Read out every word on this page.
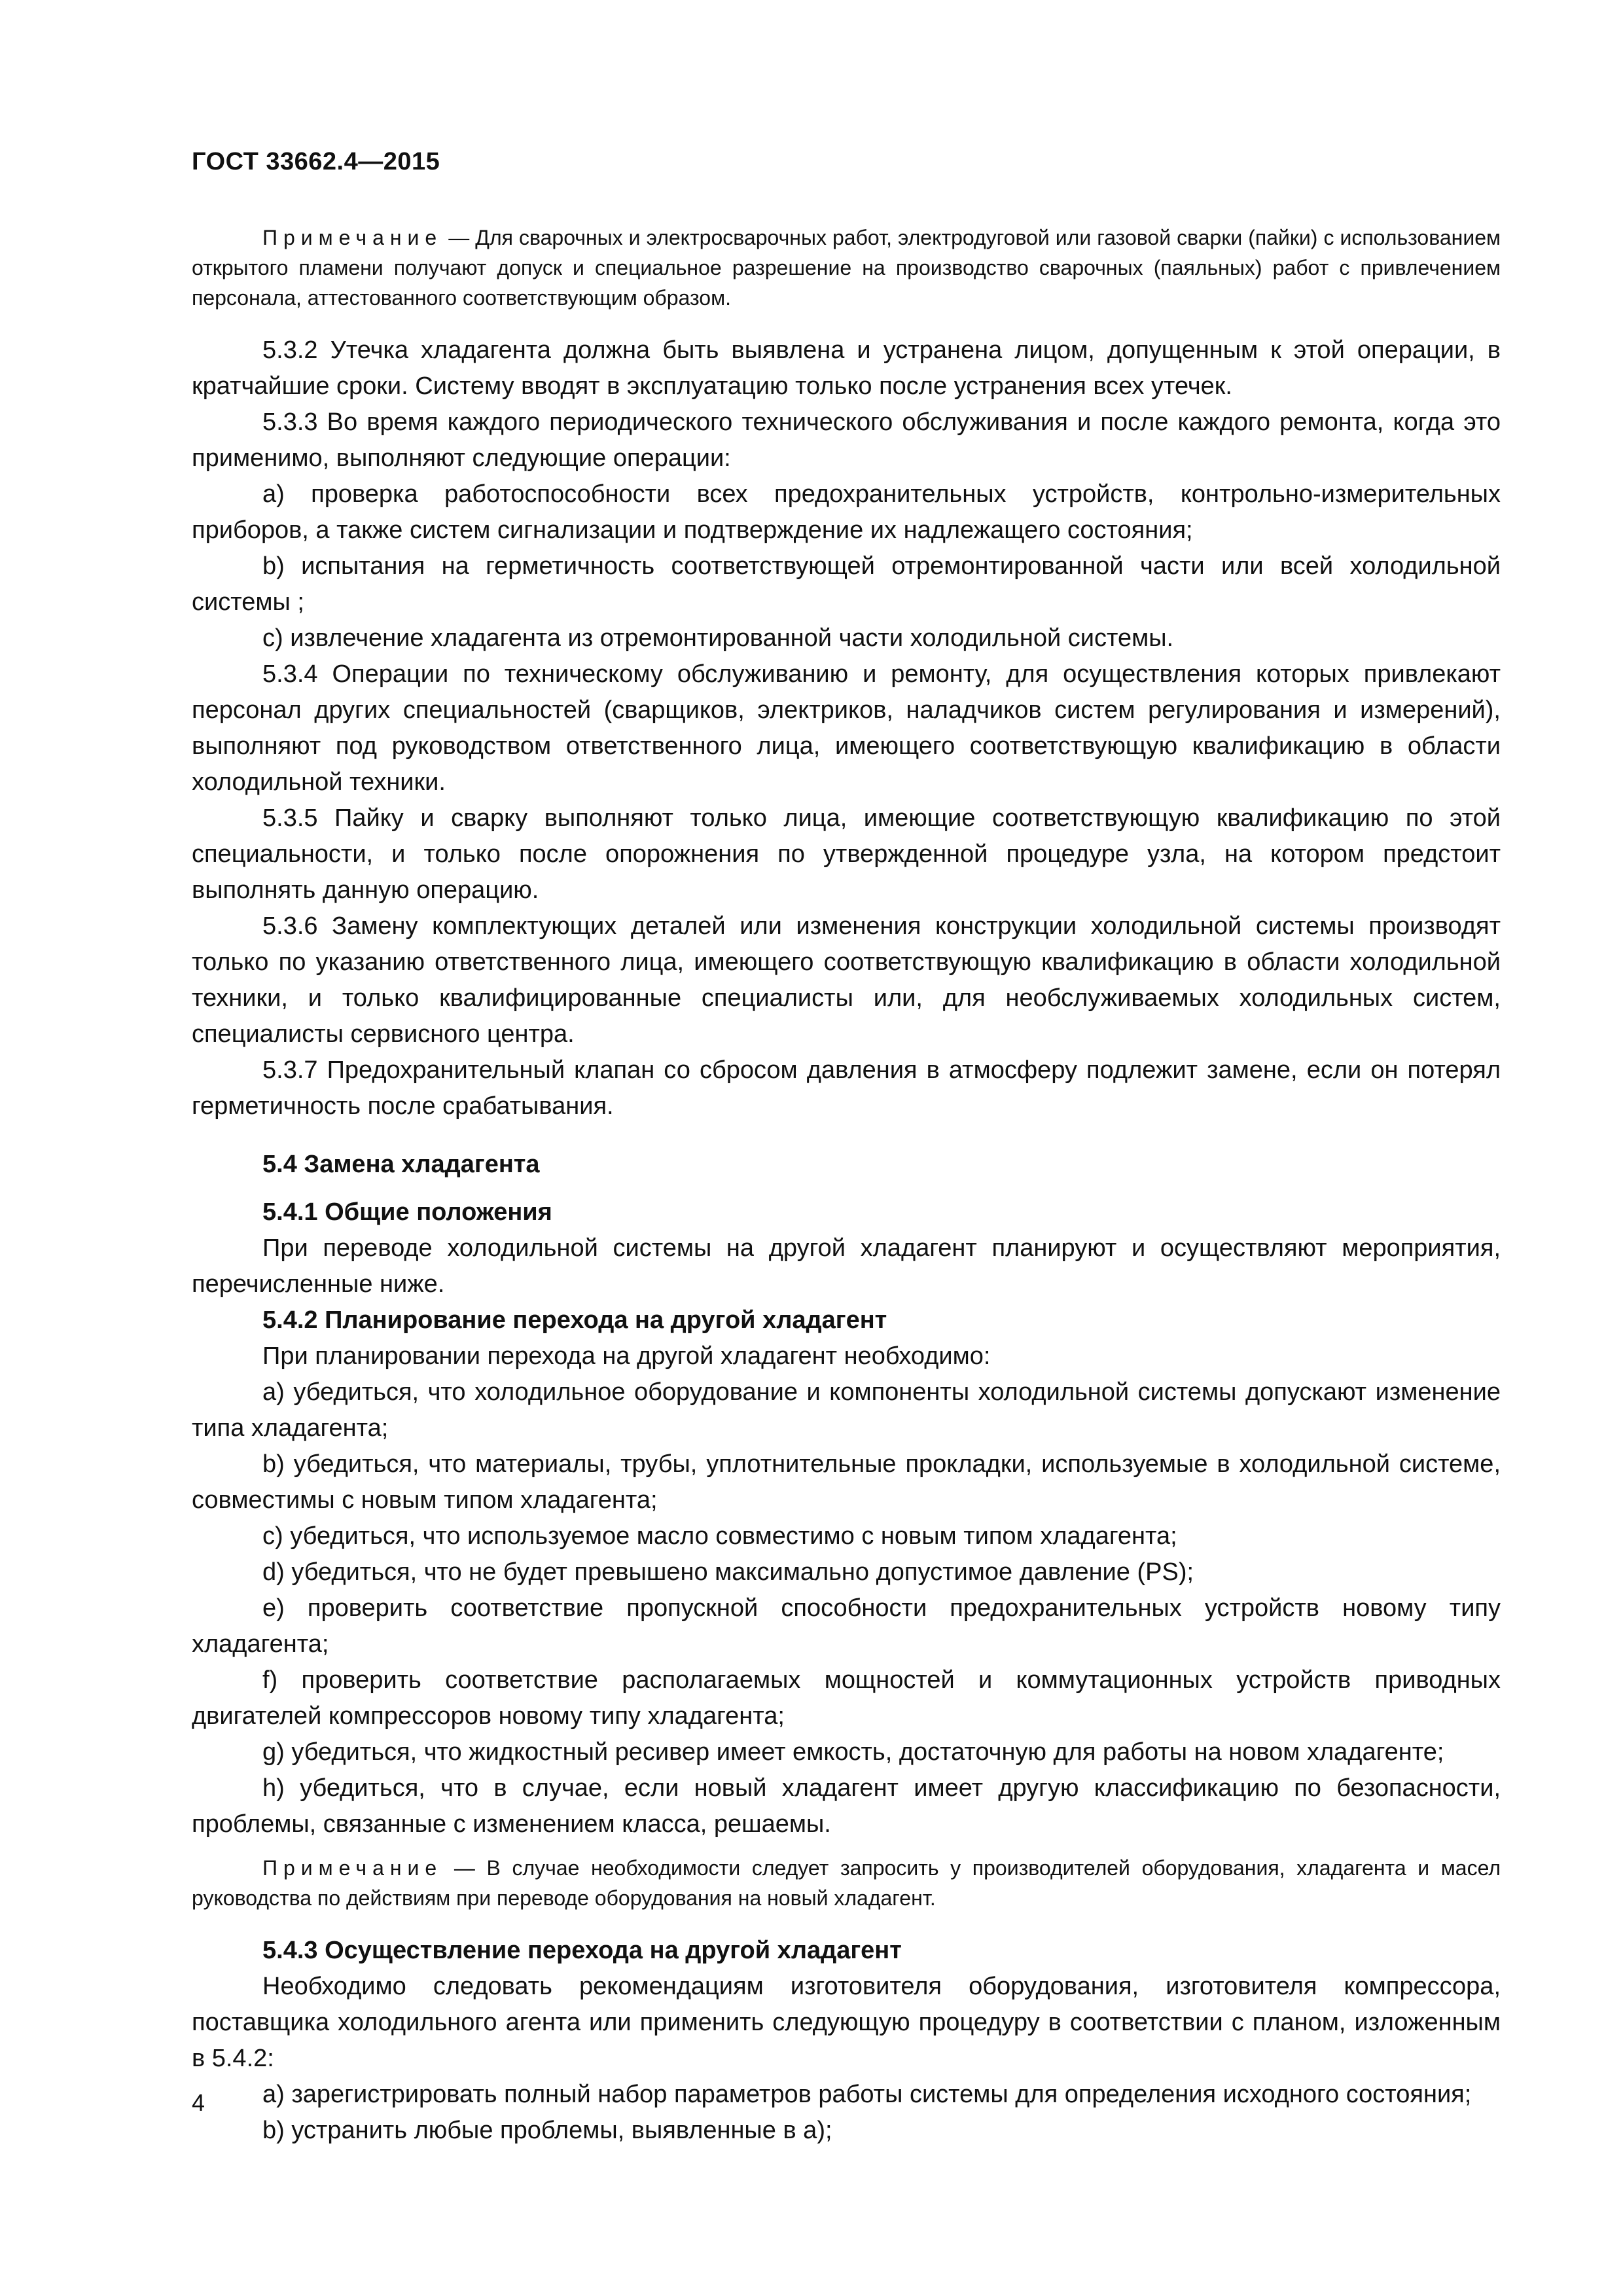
ГОСТ 33662.4—2015

Примечание — Для сварочных и электросварочных работ, электродуговой или газовой сварки (пайки) с использованием открытого пламени получают допуск и специальное разрешение на производство сварочных (паяльных) работ с привлечением персонала, аттестованного соответствующим образом.

5.3.2 Утечка хладагента должна быть выявлена и устранена лицом, допущенным к этой операции, в кратчайшие сроки. Систему вводят в эксплуатацию только после устранения всех утечек.

5.3.3 Во время каждого периодического технического обслуживания и после каждого ремонта, когда это применимо, выполняют следующие операции:

a) проверка работоспособности всех предохранительных устройств, контрольно-измерительных приборов, а также систем сигнализации и подтверждение их надлежащего состояния;

b) испытания на герметичность соответствующей отремонтированной части или всей холодильной системы ;

c) извлечение хладагента из отремонтированной части холодильной системы.

5.3.4 Операции по техническому обслуживанию и ремонту, для осуществления которых привлекают персонал других специальностей (сварщиков, электриков, наладчиков систем регулирования и измерений), выполняют под руководством ответственного лица, имеющего соответствующую квалификацию в области холодильной техники.

5.3.5 Пайку и сварку выполняют только лица, имеющие соответствующую квалификацию по этой специальности, и только после опорожнения по утвержденной процедуре узла, на котором предстоит выполнять данную операцию.

5.3.6 Замену комплектующих деталей или изменения конструкции холодильной системы производят только по указанию ответственного лица, имеющего соответствующую квалификацию в области холодильной техники, и только квалифицированные специалисты или, для необслуживаемых холодильных систем, специалисты сервисного центра.

5.3.7 Предохранительный клапан со сбросом давления в атмосферу подлежит замене, если он потерял герметичность после срабатывания.

5.4 Замена хладагента

5.4.1 Общие положения

При переводе холодильной системы на другой хладагент планируют и осуществляют мероприятия, перечисленные ниже.

5.4.2 Планирование перехода на другой хладагент

При планировании перехода на другой хладагент необходимо:

a) убедиться, что холодильное оборудование и компоненты холодильной системы допускают изменение типа хладагента;

b) убедиться, что материалы, трубы, уплотнительные прокладки, используемые в холодильной системе, совместимы с новым типом хладагента;

c) убедиться, что используемое масло совместимо с новым типом хладагента;

d) убедиться, что не будет превышено максимально допустимое давление (PS);

e) проверить соответствие пропускной способности предохранительных устройств новому типу хладагента;

f) проверить соответствие располагаемых мощностей и коммутационных устройств приводных двигателей компрессоров новому типу хладагента;

g) убедиться, что жидкостный ресивер имеет емкость, достаточную для работы на новом хладагенте;

h) убедиться, что в случае, если новый хладагент имеет другую классификацию по безопасности, проблемы, связанные с изменением класса, решаемы.

Примечание — В случае необходимости следует запросить у производителей оборудования, хладагента и масел руководства по действиям при переводе оборудования на новый хладагент.

5.4.3 Осуществление перехода на другой хладагент

Необходимо следовать рекомендациям изготовителя оборудования, изготовителя компрессора, поставщика холодильного агента или применить следующую процедуру в соответствии с планом, изложенным в 5.4.2:

a) зарегистрировать полный набор параметров работы системы для определения исходного состояния;

b) устранить любые проблемы, выявленные в a);

4
